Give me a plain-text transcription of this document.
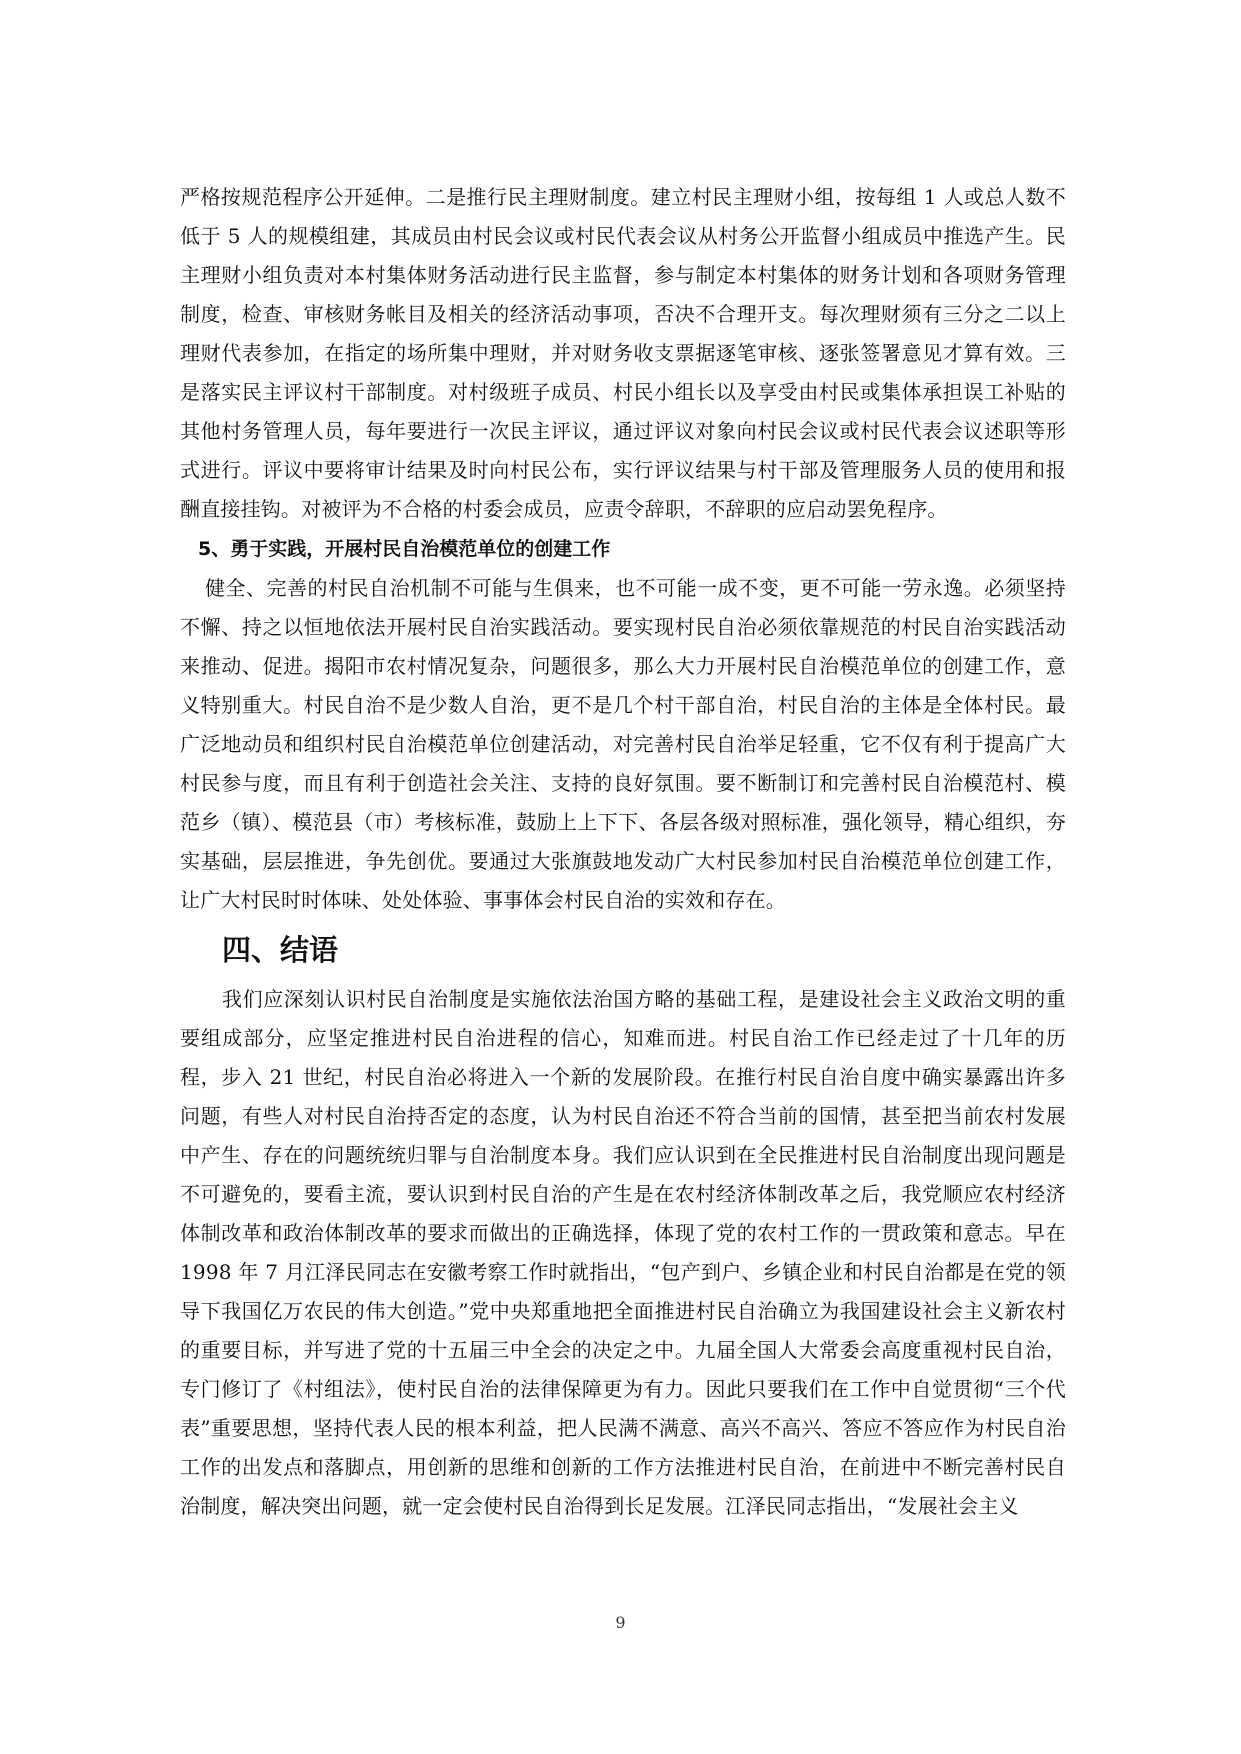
严格按规范程序公开延伸。二是推行民主理财制度。建立村民主理财小组，按每组 1 人或总人数不低于 5 人的规模组建，其成员由村民会议或村民代表会议从村务公开监督小组成员中推选产生。民主理财小组负责对本村集体财务活动进行民主监督，参与制定本村集体的财务计划和各项财务管理制度，检查、审核财务帐目及相关的经济活动事项，否决不合理开支。每次理财须有三分之二以上理财代表参加，在指定的场所集中理财，并对财务收支票据逐笔审核、逐张签署意见才算有效。三是落实民主评议村干部制度。对村级班子成员、村民小组长以及享受由村民或集体承担误工补贴的其他村务管理人员，每年要进行一次民主评议，通过评议对象向村民会议或村民代表会议述职等形式进行。评议中要将审计结果及时向村民公布，实行评议结果与村干部及管理服务人员的使用和报酬直接挂钩。对被评为不合格的村委会成员，应责令辞职，不辞职的应启动罢免程序。

5、勇于实践，开展村民自治模范单位的创建工作

健全、完善的村民自治机制不可能与生俱来，也不可能一成不变，更不可能一劳永逸。必须坚持不懈、持之以恒地依法开展村民自治实践活动。要实现村民自治必须依靠规范的村民自治实践活动来推动、促进。揭阳市农村情况复杂，问题很多，那么大力开展村民自治模范单位的创建工作，意义特别重大。村民自治不是少数人自治，更不是几个村干部自治，村民自治的主体是全体村民。最广泛地动员和组织村民自治模范单位创建活动，对完善村民自治举足轻重，它不仅有利于提高广大村民参与度，而且有利于创造社会关注、支持的良好氛围。要不断制订和完善村民自治模范村、模范乡（镇）、模范县（市）考核标准，鼓励上上下下、各层各级对照标准，强化领导，精心组织，夯实基础，层层推进，争先创优。要通过大张旗鼓地发动广大村民参加村民自治模范单位创建工作，让广大村民时时体味、处处体验、事事体会村民自治的实效和存在。

四、结语

我们应深刻认识村民自治制度是实施依法治国方略的基础工程，是建设社会主义政治文明的重要组成部分，应坚定推进村民自治进程的信心，知难而进。村民自治工作已经走过了十几年的历程，步入 21 世纪，村民自治必将进入一个新的发展阶段。在推行村民自治自度中确实暴露出许多问题，有些人对村民自治持否定的态度，认为村民自治还不符合当前的国情，甚至把当前农村发展中产生、存在的问题统统归罪与自治制度本身。我们应认识到在全民推进村民自治制度出现问题是不可避免的，要看主流，要认识到村民自治的产生是在农村经济体制改革之后，我党顺应农村经济体制改革和政治体制改革的要求而做出的正确选择，体现了党的农村工作的一贯政策和意志。早在 1998 年 7 月江泽民同志在安徽考察工作时就指出，“包产到户、乡镇企业和村民自治都是在党的领导下我国亿万农民的伟大创造。”党中央郑重地把全面推进村民自治确立为我国建设社会主义新农村的重要目标，并写进了党的十五届三中全会的决定之中。九届全国人大常委会高度重视村民自治，专门修订了《村组法》，使村民自治的法律保障更为有力。因此只要我们在工作中自觉贯彻“三个代表”重要思想，坚持代表人民的根本利益，把人民满不满意、高兴不高兴、答应不答应作为村民自治工作的出发点和落脚点，用创新的思维和创新的工作方法推进村民自治，在前进中不断完善村民自治制度，解决突出问题，就一定会使村民自治得到长足发展。江泽民同志指出，“发展社会主义

9
